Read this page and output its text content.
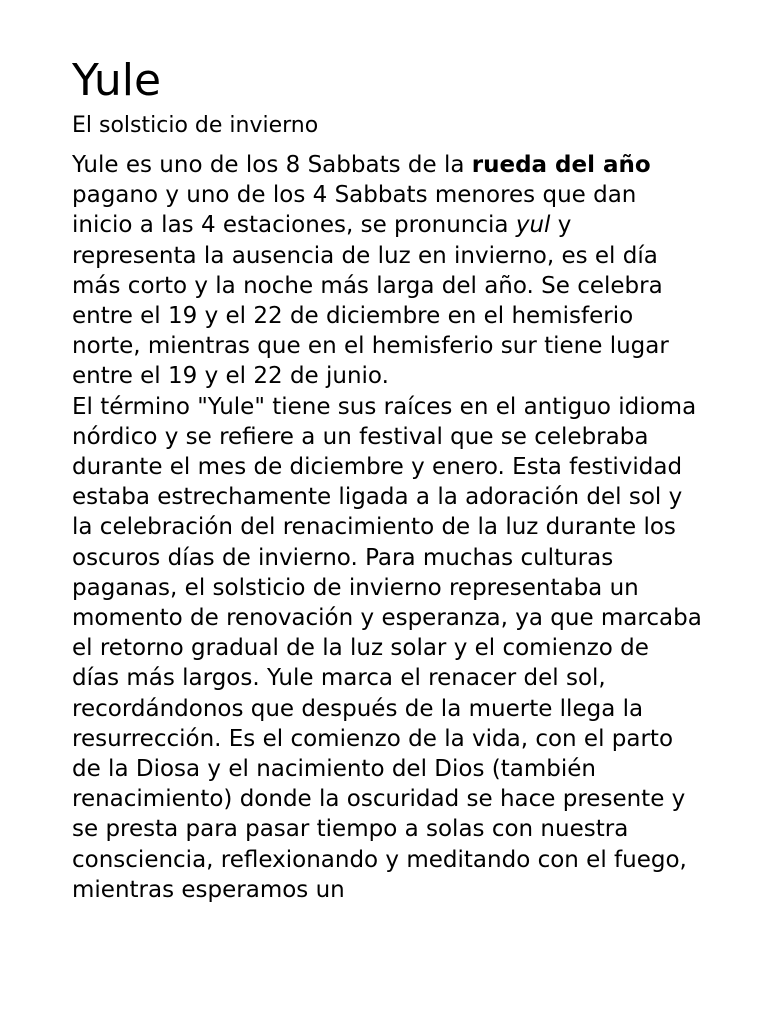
Yule
El solsticio de invierno

Yule es uno de los 8 Sabbats de la rueda del año pagano y uno de los 4 Sabbats menores que dan inicio a las 4 estaciones, se pronuncia yul y representa la ausencia de luz en invierno, es el día más corto y la noche más larga del año. Se celebra entre el 19 y el 22 de diciembre en el hemisferio norte, mientras que en el hemisferio sur tiene lugar entre el 19 y el 22 de junio.

El término "Yule" tiene sus raíces en el antiguo idioma nórdico y se refiere a un festival que se celebraba durante el mes de diciembre y enero. Esta festividad estaba estrechamente ligada a la adoración del sol y la celebración del renacimiento de la luz durante los oscuros días de invierno. Para muchas culturas paganas, el solsticio de invierno representaba un momento de renovación y esperanza, ya que marcaba el retorno gradual de la luz solar y el comienzo de días más largos. Yule marca el renacer del sol, recordándonos que después de la muerte llega la resurrección. Es el comienzo de la vida, con el parto de la Diosa y el nacimiento del Dios (también renacimiento) donde la oscuridad se hace presente y se presta para pasar tiempo a solas con nuestra consciencia, reflexionando y meditando con el fuego, mientras esperamos un
